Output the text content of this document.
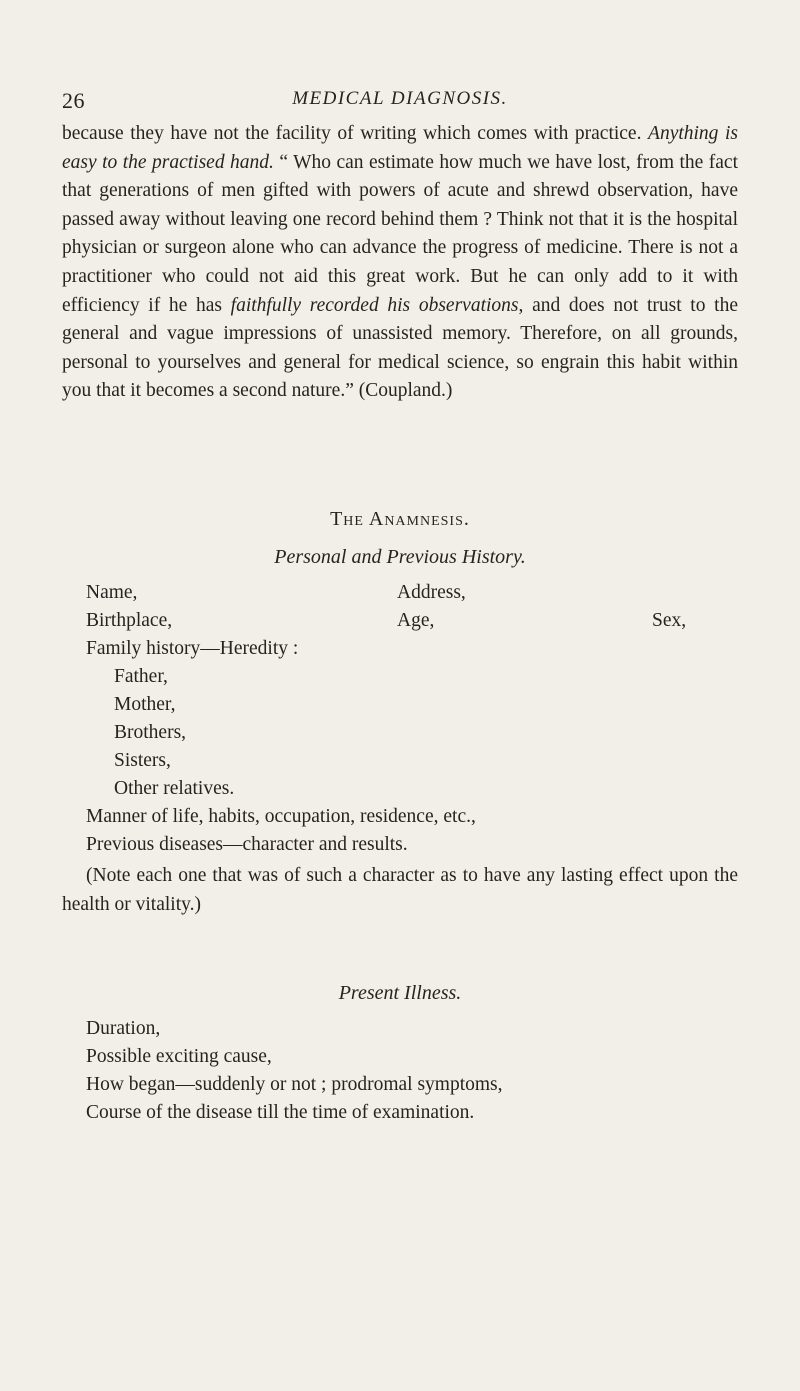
26	MEDICAL DIAGNOSIS.

because they have not the facility of writing which comes with practice. Anything is easy to the practised hand. “ Who can estimate how much we have lost, from the fact that generations of men gifted with powers of acute and shrewd observation, have passed away without leaving one record behind them ? Think not that it is the hospital physician or surgeon alone who can advance the progress of medicine. There is not a practitioner who could not aid this great work. But he can only add to it with efficiency if he has faithfully recorded his observations, and does not trust to the general and vague impressions of unassisted memory. Therefore, on all grounds, personal to yourselves and general for medical science, so engrain this habit within you that it becomes a second nature.” (Coupland.)

The Anamnesis.
Personal and Previous History.
Name,	Address,
Birthplace,	Age,	Sex,
Family history—Heredity :
Father,
Mother,
Brothers,
Sisters,
Other relatives.
Manner of life, habits, occupation, residence, etc.,
Previous diseases—character and results.

(Note each one that was of such a character as to have any lasting effect upon the health or vitality.)

Present Illness.
Duration,
Possible exciting cause,
How began—suddenly or not ; prodromal symptoms,
Course of the disease till the time of examination.
